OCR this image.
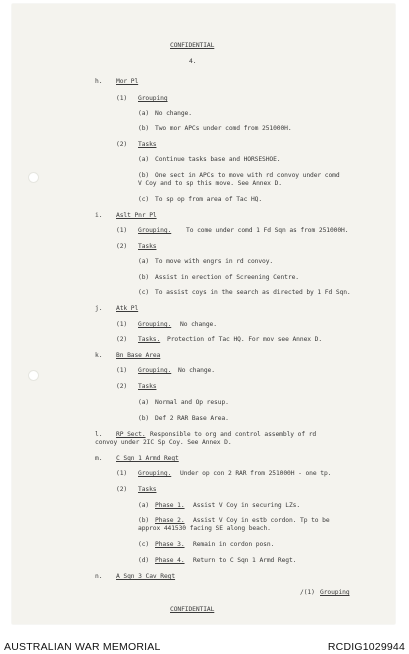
CONFIDENTIAL
4.
h. Mor Pl
(1) Grouping
(a) No change.
(b) Two mor APCs under comd from 251000H.
(2) Tasks
(a) Continue tasks base and HORSESHOE.
(b) One sect in APCs to move with rd convoy under comd
V Coy and to sp this move. See Annex D.
(c) To sp op from area of Tac HQ.
i. Aslt Pnr Pl
(1) Grouping. To come under comd 1 Fd Sqn as from 251000H.
(2) Tasks
(a) To move with engrs in rd convoy.
(b) Assist in erection of Screening Centre.
(c) To assist coys in the search as directed by 1 Fd Sqn.
j. Atk Pl
(1) Grouping. No change.
(2) Tasks. Protection of Tac HQ. For mov see Annex D.
k. Bn Base Area
(1) Grouping. No change.
(2) Tasks
(a) Normal and Op resup.
(b) Def 2 RAR Base Area.
l. RP Sect. Responsible to org and control assembly of rd
convoy under 2IC Sp Coy. See Annex D.
m. C Sqn 1 Armd Regt
(1) Grouping. Under op con 2 RAR from 251000H - one tp.
(2) Tasks
(a) Phase 1. Assist V Coy in securing LZs.
(b) Phase 2. Assist V Coy in estb cordon. Tp to be
approx 441530 facing SE along beach.
(c) Phase 3. Remain in cordon posn.
(d) Phase 4. Return to C Sqn 1 Armd Regt.
n. A Sqn 3 Cav Regt
/(1) Grouping
CONFIDENTIAL
AUSTRALIAN WAR MEMORIAL	RCDIG1029944
